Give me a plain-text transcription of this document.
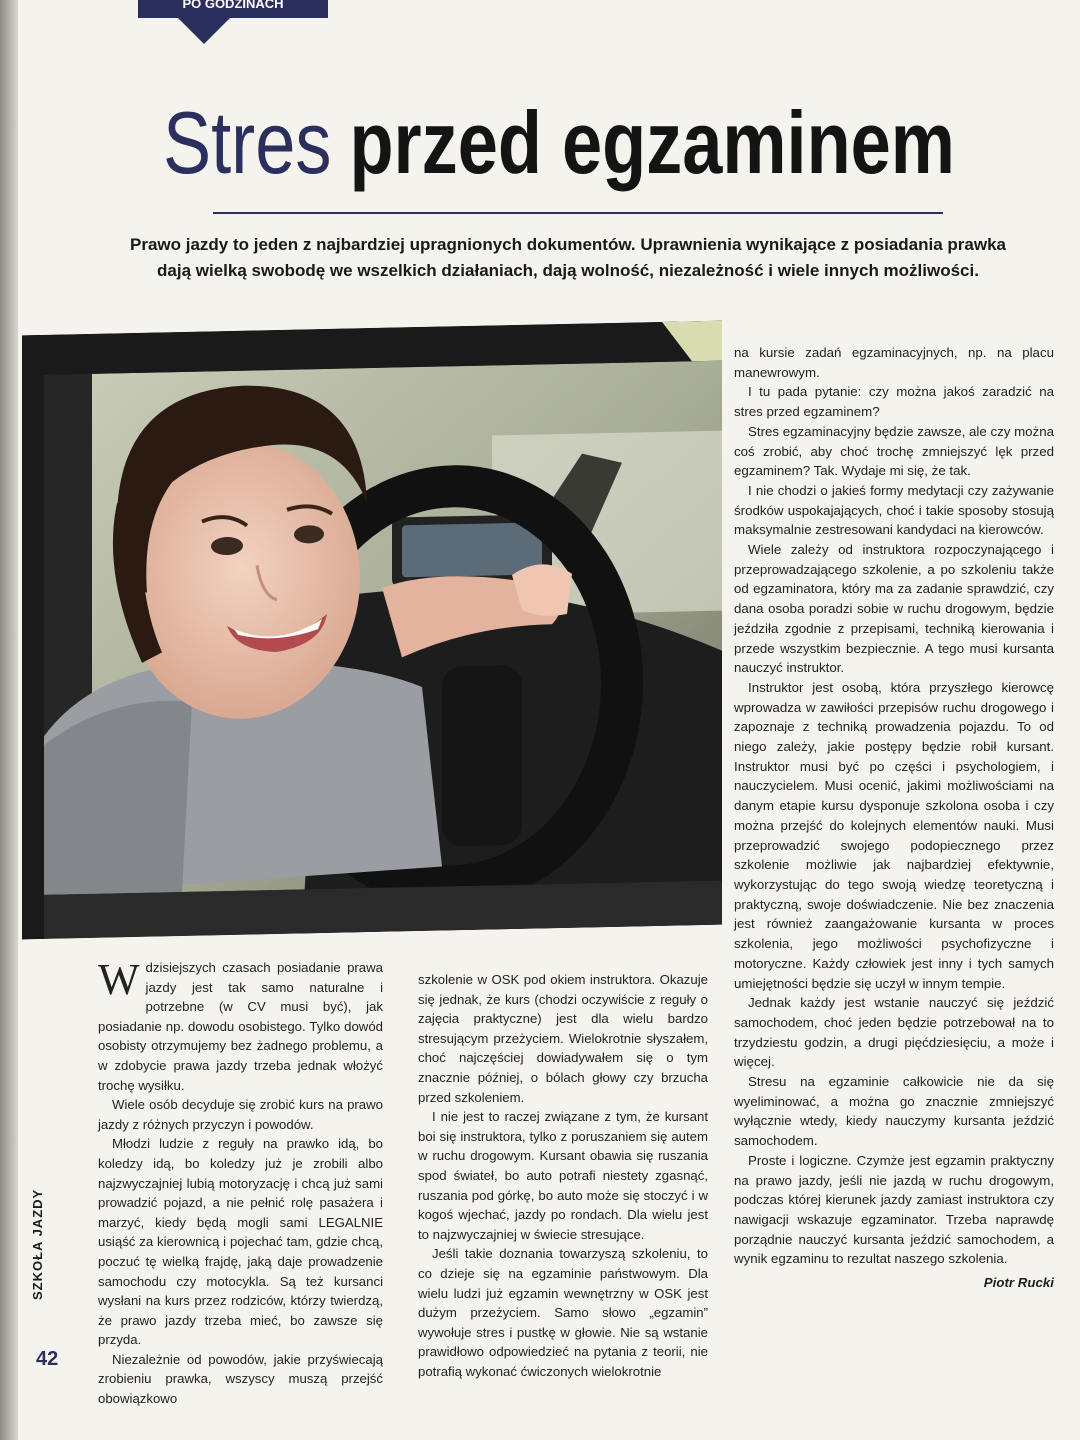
PO GODZINACH
Stres przed egzaminem
Prawo jazdy to jeden z najbardziej upragnionych dokumentów. Uprawnienia wynikające z posiadania prawka dają wielką swobodę we wszelkich działaniach, dają wolność, niezależność i wiele innych możliwości.

na kursie zadań egzaminacyjnych, np. na placu manewrowym.

I tu pada pytanie: czy można jakoś zaradzić na stres przed egzaminem?

Stres egzaminacyjny będzie zawsze, ale czy można coś zrobić, aby choć trochę zmniejszyć lęk przed egzaminem? Tak. Wydaje mi się, że tak.

I nie chodzi o jakieś formy medytacji czy zażywanie środków uspokajających, choć i takie sposoby stosują maksymalnie zestresowani kandydaci na kierowców.

Wiele zależy od instruktora rozpoczynającego i przeprowadzającego szkolenie, a po szkoleniu także od egzaminatora, który ma za zadanie sprawdzić, czy dana osoba poradzi sobie w ruchu drogowym, będzie jeździła zgodnie z przepisami, techniką kierowania i przede wszystkim bezpiecznie. A tego musi kursanta nauczyć instruktor.

Instruktor jest osobą, która przyszłego kierowcę wprowadza w zawiłości przepisów ruchu drogowego i zapoznaje z techniką prowadzenia pojazdu. To od niego zależy, jakie postępy będzie robił kursant. Instruktor musi być po części i psychologiem, i nauczycielem. Musi ocenić, jakimi możliwościami na danym etapie kursu dysponuje szkolona osoba i czy można przejść do kolejnych elementów nauki. Musi przeprowadzić swojego podopiecznego przez szkolenie możliwie jak najbardziej efektywnie, wykorzystując do tego swoją wiedzę teoretyczną i praktyczną, swoje doświadczenie. Nie bez znaczenia jest również zaangażowanie kursanta w proces szkolenia, jego możliwości psychofizyczne i motoryczne. Każdy człowiek jest inny i tych samych umiejętności będzie się uczył w innym tempie.

Jednak każdy jest wstanie nauczyć się jeździć samochodem, choć jeden będzie potrzebował na to trzydziestu godzin, a drugi pięćdziesięciu, a może i więcej.

Stresu na egzaminie całkowicie nie da się wyeliminować, a można go znacznie zmniejszyć wyłącznie wtedy, kiedy nauczymy kursanta jeździć samochodem.

Proste i logiczne. Czymże jest egzamin praktyczny na prawo jazdy, jeśli nie jazdą w ruchu drogowym, podczas której kierunek jazdy zamiast instruktora czy nawigacji wskazuje egzaminator. Trzeba naprawdę porządnie nauczyć kursanta jeździć samochodem, a wynik egzaminu to rezultat naszego szkolenia.

Piotr Rucki

Wdzisiejszych czasach posiadanie prawa jazdy jest tak samo naturalne i potrzebne (w CV musi być), jak posiadanie np. dowodu osobistego. Tylko dowód osobisty otrzymujemy bez żadnego problemu, a w zdobycie prawa jazdy trzeba jednak włożyć trochę wysiłku.

Wiele osób decyduje się zrobić kurs na prawo jazdy z różnych przyczyn i powodów.

Młodzi ludzie z reguły na prawko idą, bo koledzy idą, bo koledzy już je zrobili albo najzwyczajniej lubią motoryzację i chcą już sami prowadzić pojazd, a nie pełnić rolę pasażera i marzyć, kiedy będą mogli sami LEGALNIE usiąść za kierownicą i pojechać tam, gdzie chcą, poczuć tę wielką frajdę, jaką daje prowadzenie samochodu czy motocykla. Są też kursanci wysłani na kurs przez rodziców, którzy twierdzą, że prawo jazdy trzeba mieć, bo zawsze się przyda.

Niezależnie od powodów, jakie przyświecają zrobieniu prawka, wszyscy muszą przejść obowiązkowo

szkolenie w OSK pod okiem instruktora. Okazuje się jednak, że kurs (chodzi oczywiście z reguły o zajęcia praktyczne) jest dla wielu bardzo stresującym przeżyciem. Wielokrotnie słyszałem, choć najczęściej dowiadywałem się o tym znacznie później, o bólach głowy czy brzucha przed szkoleniem.

I nie jest to raczej związane z tym, że kursant boi się instruktora, tylko z poruszaniem się autem w ruchu drogowym. Kursant obawia się ruszania spod świateł, bo auto potrafi niestety zgasnąć, ruszania pod górkę, bo auto może się stoczyć i w kogoś wjechać, jazdy po rondach. Dla wielu jest to najzwyczajniej w świecie stresujące.

Jeśli takie doznania towarzyszą szkoleniu, to co dzieje się na egzaminie państwowym. Dla wielu ludzi już egzamin wewnętrzny w OSK jest dużym przeżyciem. Samo słowo „egzamin” wywołuje stres i pustkę w głowie. Nie są wstanie prawidłowo odpowiedzieć na pytania z teorii, nie potrafią wykonać ćwiczonych wielokrotnie

SZKOŁA JAZDY
42
